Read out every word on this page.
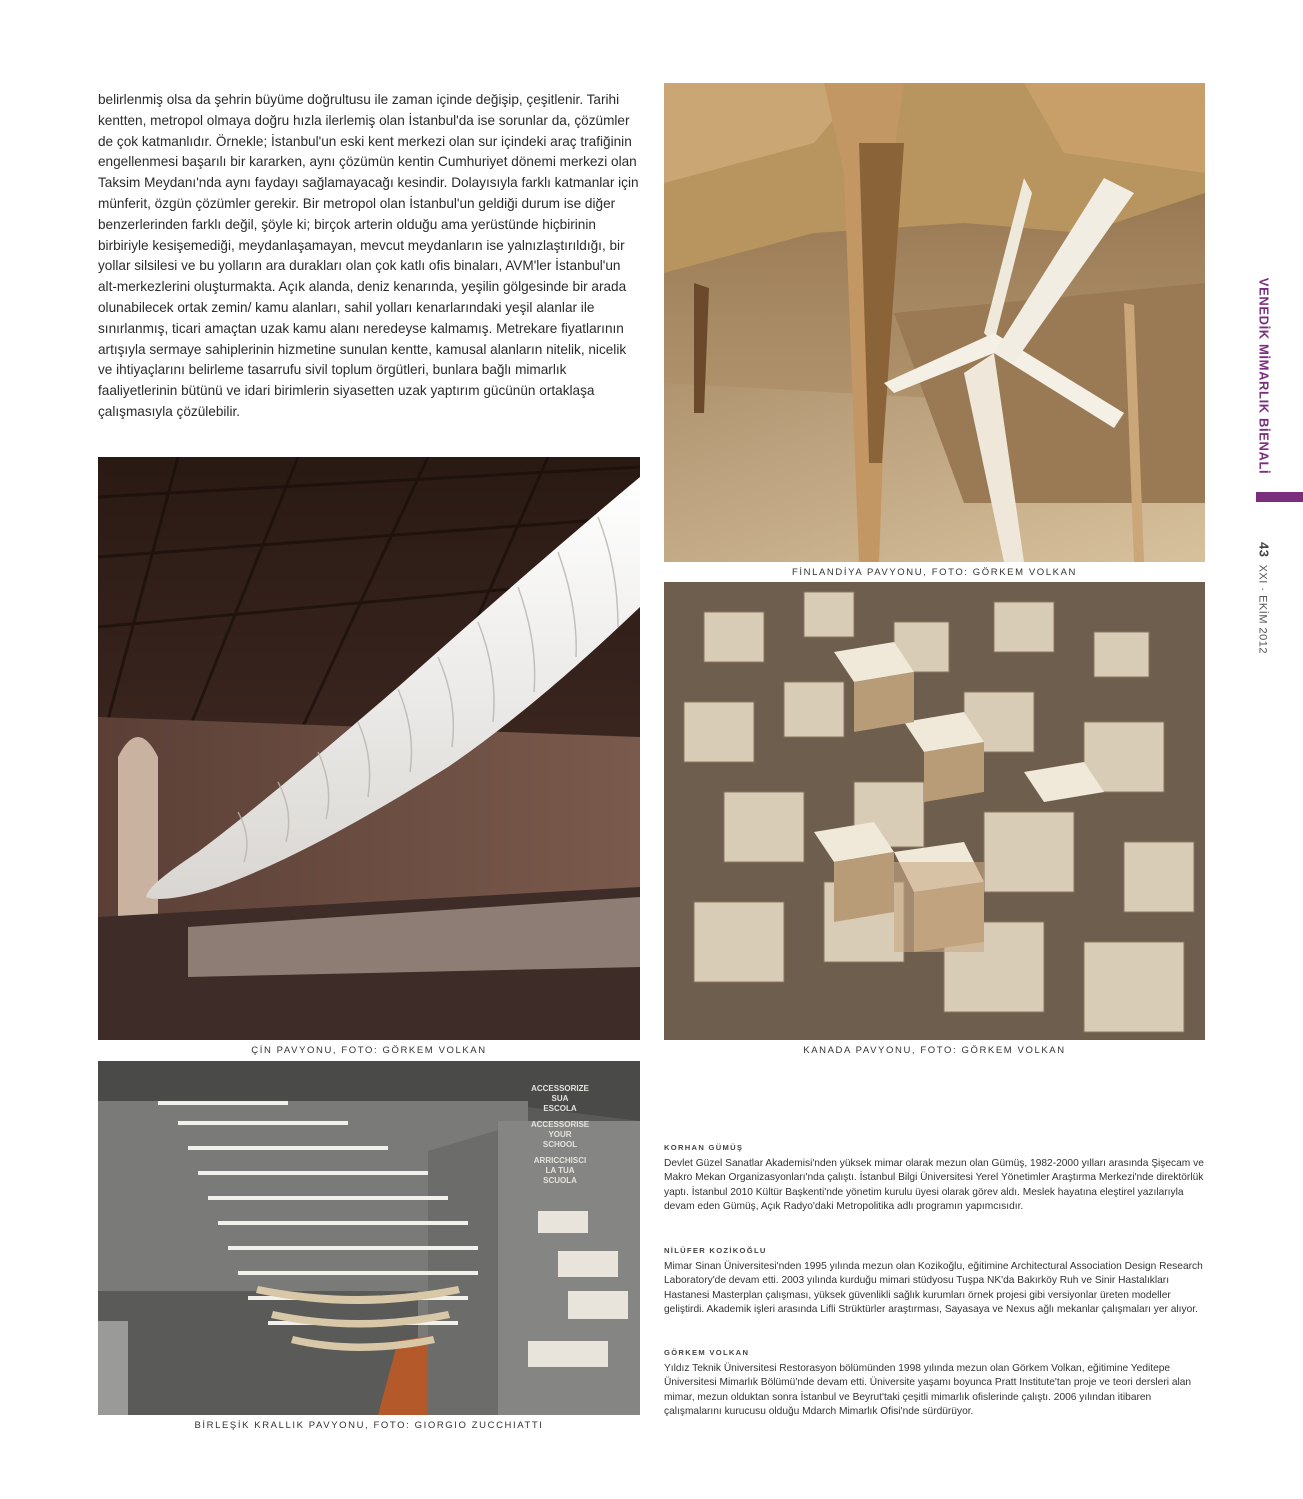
belirlenmiş olsa da şehrin büyüme doğrultusu ile zaman içinde değişip, çeşitlenir. Tarihi kentten, metropol olmaya doğru hızla ilerlemiş olan İstanbul'da ise sorunlar da, çözümler de çok katmanlıdır. Örnekle; İstanbul'un eski kent merkezi olan sur içindeki araç trafiğinin engellenmesi başarılı bir kararken, aynı çözümün kentin Cumhuriyet dönemi merkezi olan Taksim Meydanı'nda aynı faydayı sağlamayacağı kesindir. Dolayısıyla farklı katmanlar için münferit, özgün çözümler gerekir. Bir metropol olan İstanbul'un geldiği durum ise diğer benzerlerinden farklı değil, şöyle ki; birçok arterin olduğu ama yerüstünde hiçbirinin birbiriyle kesişemediği, meydanlaşamayan, mevcut meydanların ise yalnızlaştırıldığı, bir yollar silsilesi ve bu yolların ara durakları olan çok katlı ofis binaları, AVM'ler İstanbul'un alt-merkezlerini oluşturmakta. Açık alanda, deniz kenarında, yeşilin gölgesinde bir arada olunabilecek ortak zemin/ kamu alanları, sahil yolları kenarlarındaki yeşil alanlar ile sınırlanmış, ticari amaçtan uzak kamu alanı neredeyse kalmamış. Metrekare fiyatlarının artışıyla sermaye sahiplerinin hizmetine sunulan kentte, kamusal alanların nitelik, nicelik ve ihtiyaçlarını belirleme tasarrufu sivil toplum örgütleri, bunlara bağlı mimarlık faaliyetlerinin bütünü ve idari birimlerin siyasetten uzak yaptırım gücünün ortaklaşa çalışmasıyla çözülebilir.

FİNLANDİYA PAVYONU, FOTO: GÖRKEM VOLKAN
ÇİN PAVYONU, FOTO: GÖRKEM VOLKAN	KANADA PAVYONU, FOTO: GÖRKEM VOLKAN
ACCESSORIZE
SUA
ESCOLA
ACCESSORISE
YOUR
SCHOOL
ARRICCHISCI
LA TUA
SCUOLA
BİRLEŞİK KRALLIK PAVYONU, FOTO: GIORGIO ZUCCHIATTI
KORHAN GÜMÜŞ

Devlet Güzel Sanatlar Akademisi'nden yüksek mimar olarak mezun olan Gümüş, 1982-2000 yılları arasında Şişecam ve Makro Mekan Organizasyonları'nda çalıştı. İstanbul Bilgi Üniversitesi Yerel Yönetimler Araştırma Merkezi'nde direktörlük yaptı. İstanbul 2010 Kültür Başkenti'nde yönetim kurulu üyesi olarak görev aldı. Meslek hayatına eleştirel yazılarıyla devam eden Gümüş, Açık Radyo'daki Metropolitika adlı programın yapımcısıdır.

NİLÜFER KOZİKOĞLU

Mimar Sinan Üniversitesi'nden 1995 yılında mezun olan Kozikoğlu, eğitimine Architectural Association Design Research Laboratory'de devam etti. 2003 yılında kurduğu mimari stüdyosu Tuşpa NK'da Bakırköy Ruh ve Sinir Hastalıkları Hastanesi Masterplan çalışması, yüksek güvenlikli sağlık kurumları örnek projesi gibi versiyonlar üreten modeller geliştirdi. Akademik işleri arasında Lifli Strüktürler araştırması, Sayasaya ve Nexus ağlı mekanlar çalışmaları yer alıyor.

GÖRKEM VOLKAN

Yıldız Teknik Üniversitesi Restorasyon bölümünden 1998 yılında mezun olan Görkem Volkan, eğitimine Yeditepe Üniversitesi Mimarlık Bölümü'nde devam etti. Üniversite yaşamı boyunca Pratt Institute'tan proje ve teori dersleri alan mimar, mezun olduktan sonra İstanbul ve Beyrut'taki çeşitli mimarlık ofislerinde çalıştı. 2006 yılından itibaren çalışmalarını kurucusu olduğu Mdarch Mimarlık Ofisi'nde sürdürüyor.

VENEDİK MİMARLIK BİENALİ
43  XXI · EKİM 2012
